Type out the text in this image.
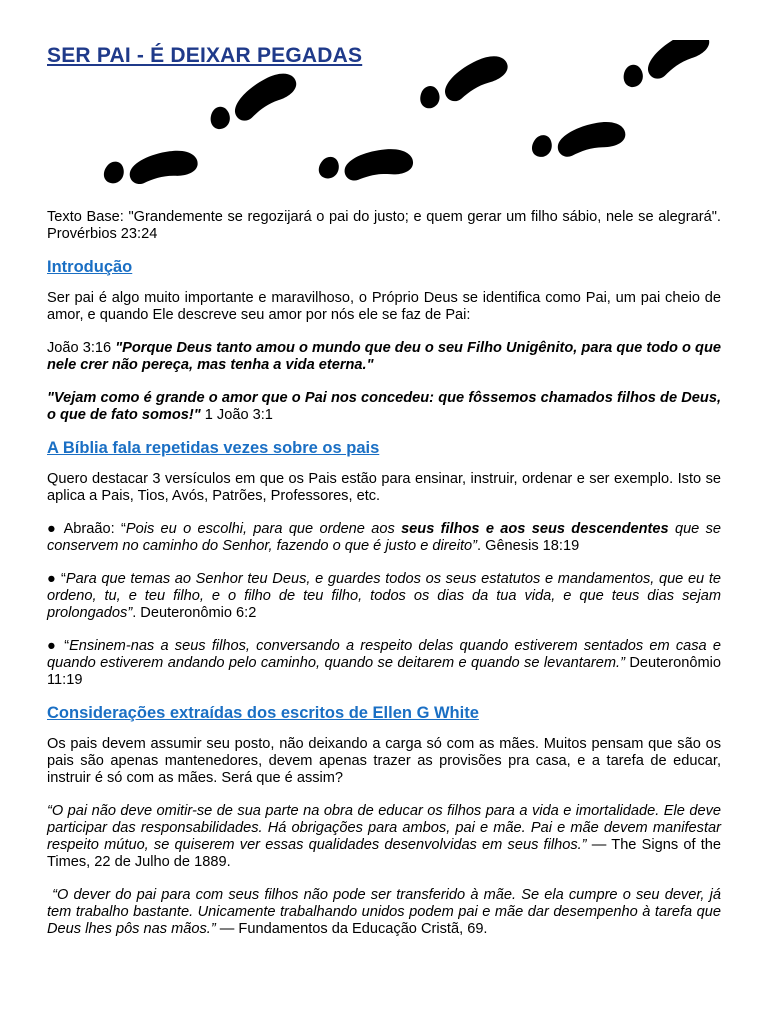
SER PAI - É DEIXAR PEGADAS

Texto Base: "Grandemente se regozijará o pai do justo; e quem gerar um filho sábio, nele se alegrará". Provérbios 23:24

Introdução

Ser pai é algo muito importante e maravilhoso, o Próprio Deus se identifica como Pai, um pai cheio de amor, e quando Ele descreve seu amor por nós ele se faz de Pai:

João 3:16 "Porque Deus tanto amou o mundo que deu o seu Filho Unigênito, para que todo o que nele crer não pereça, mas tenha a vida eterna."

"Vejam como é grande o amor que o Pai nos concedeu: que fôssemos chamados filhos de Deus, o que de fato somos!" 1 João 3:1

A Bíblia fala repetidas vezes sobre os pais

Quero destacar 3 versículos em que os Pais estão para ensinar, instruir, ordenar e ser exemplo. Isto se aplica a Pais, Tios, Avós, Patrões, Professores, etc.

● Abraão: “Pois eu o escolhi, para que ordene aos seus filhos e aos seus descendentes que se conservem no caminho do Senhor, fazendo o que é justo e direito”. Gênesis 18:19

● “Para que temas ao Senhor teu Deus, e guardes todos os seus estatutos e mandamentos, que eu te ordeno, tu, e teu filho, e o filho de teu filho, todos os dias da tua vida, e que teus dias sejam prolongados”. Deuteronômio 6:2

● “Ensinem-nas a seus filhos, conversando a respeito delas quando estiverem sentados em casa e quando estiverem andando pelo caminho, quando se deitarem e quando se levantarem.” Deuteronômio 11:19

Considerações extraídas dos escritos de Ellen G White

Os pais devem assumir seu posto, não deixando a carga só com as mães. Muitos pensam que são os pais são apenas mantenedores, devem apenas trazer as provisões pra casa, e a tarefa de educar, instruir é só com as mães. Será que é assim?

“O pai não deve omitir-se de sua parte na obra de educar os filhos para a vida e imortalidade. Ele deve participar das responsabilidades. Há obrigações para ambos, pai e mãe. Pai e mãe devem manifestar respeito mútuo, se quiserem ver essas qualidades desenvolvidas em seus filhos.” — The Signs of the Times, 22 de Julho de 1889.

“O dever do pai para com seus filhos não pode ser transferido à mãe. Se ela cumpre o seu dever, já tem trabalho bastante. Unicamente trabalhando unidos podem pai e mãe dar desempenho à tarefa que Deus lhes pôs nas mãos.” — Fundamentos da Educação Cristã, 69.
